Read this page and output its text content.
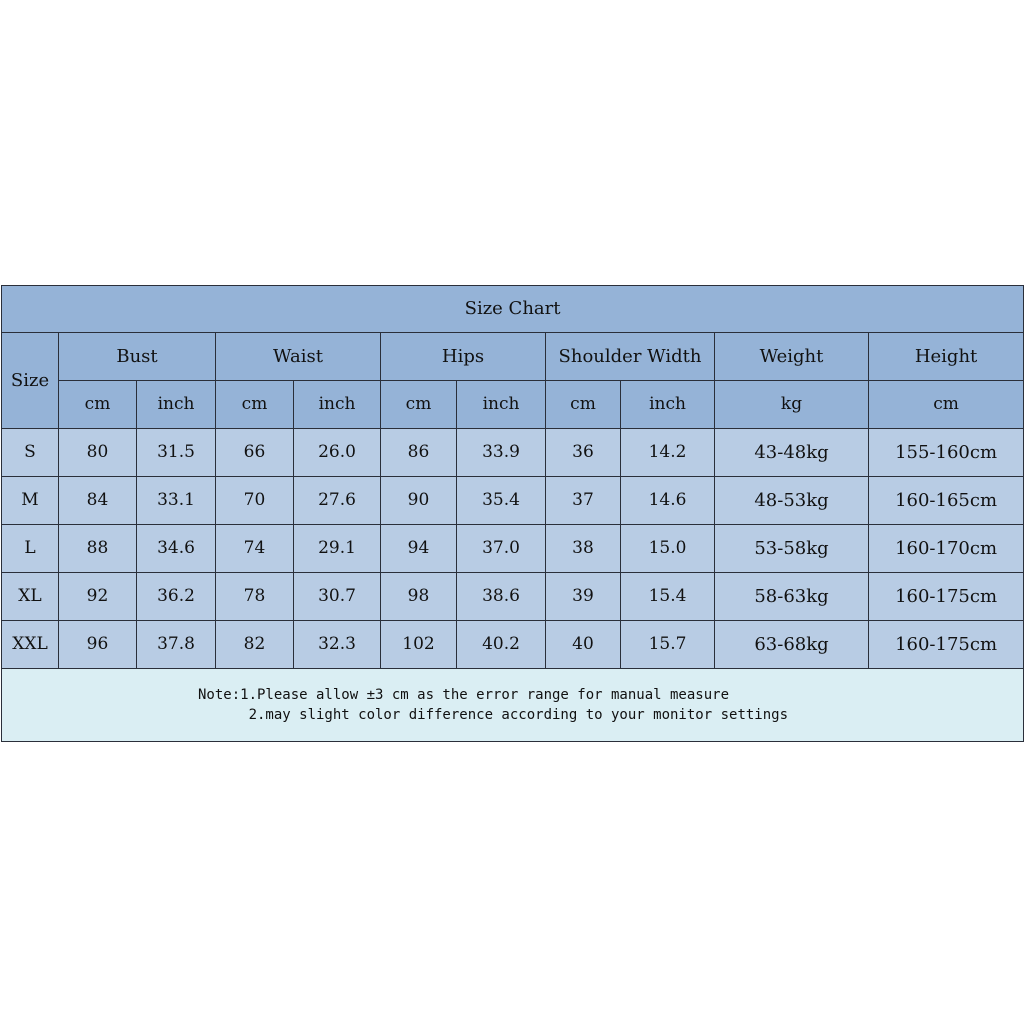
Size Chart										
Size	Bust		Waist		Hips		Shoulder Width		Weight	Height
	cm	inch	cm	inch	cm	inch	cm	inch	kg	cm
S	80	31.5	66	26.0	86	33.9	36	14.2	43-48kg	155-160cm
M	84	33.1	70	27.6	90	35.4	37	14.6	48-53kg	160-165cm
L	88	34.6	74	29.1	94	37.0	38	15.0	53-58kg	160-170cm
XL	92	36.2	78	30.7	98	38.6	39	15.4	58-63kg	160-175cm
XXL	96	37.8	82	32.3	102	40.2	40	15.7	63-68kg	160-175cm

Note:1.Please allow ±3 cm as the error range for manual measure
2.may slight color difference according to your monitor settings										
